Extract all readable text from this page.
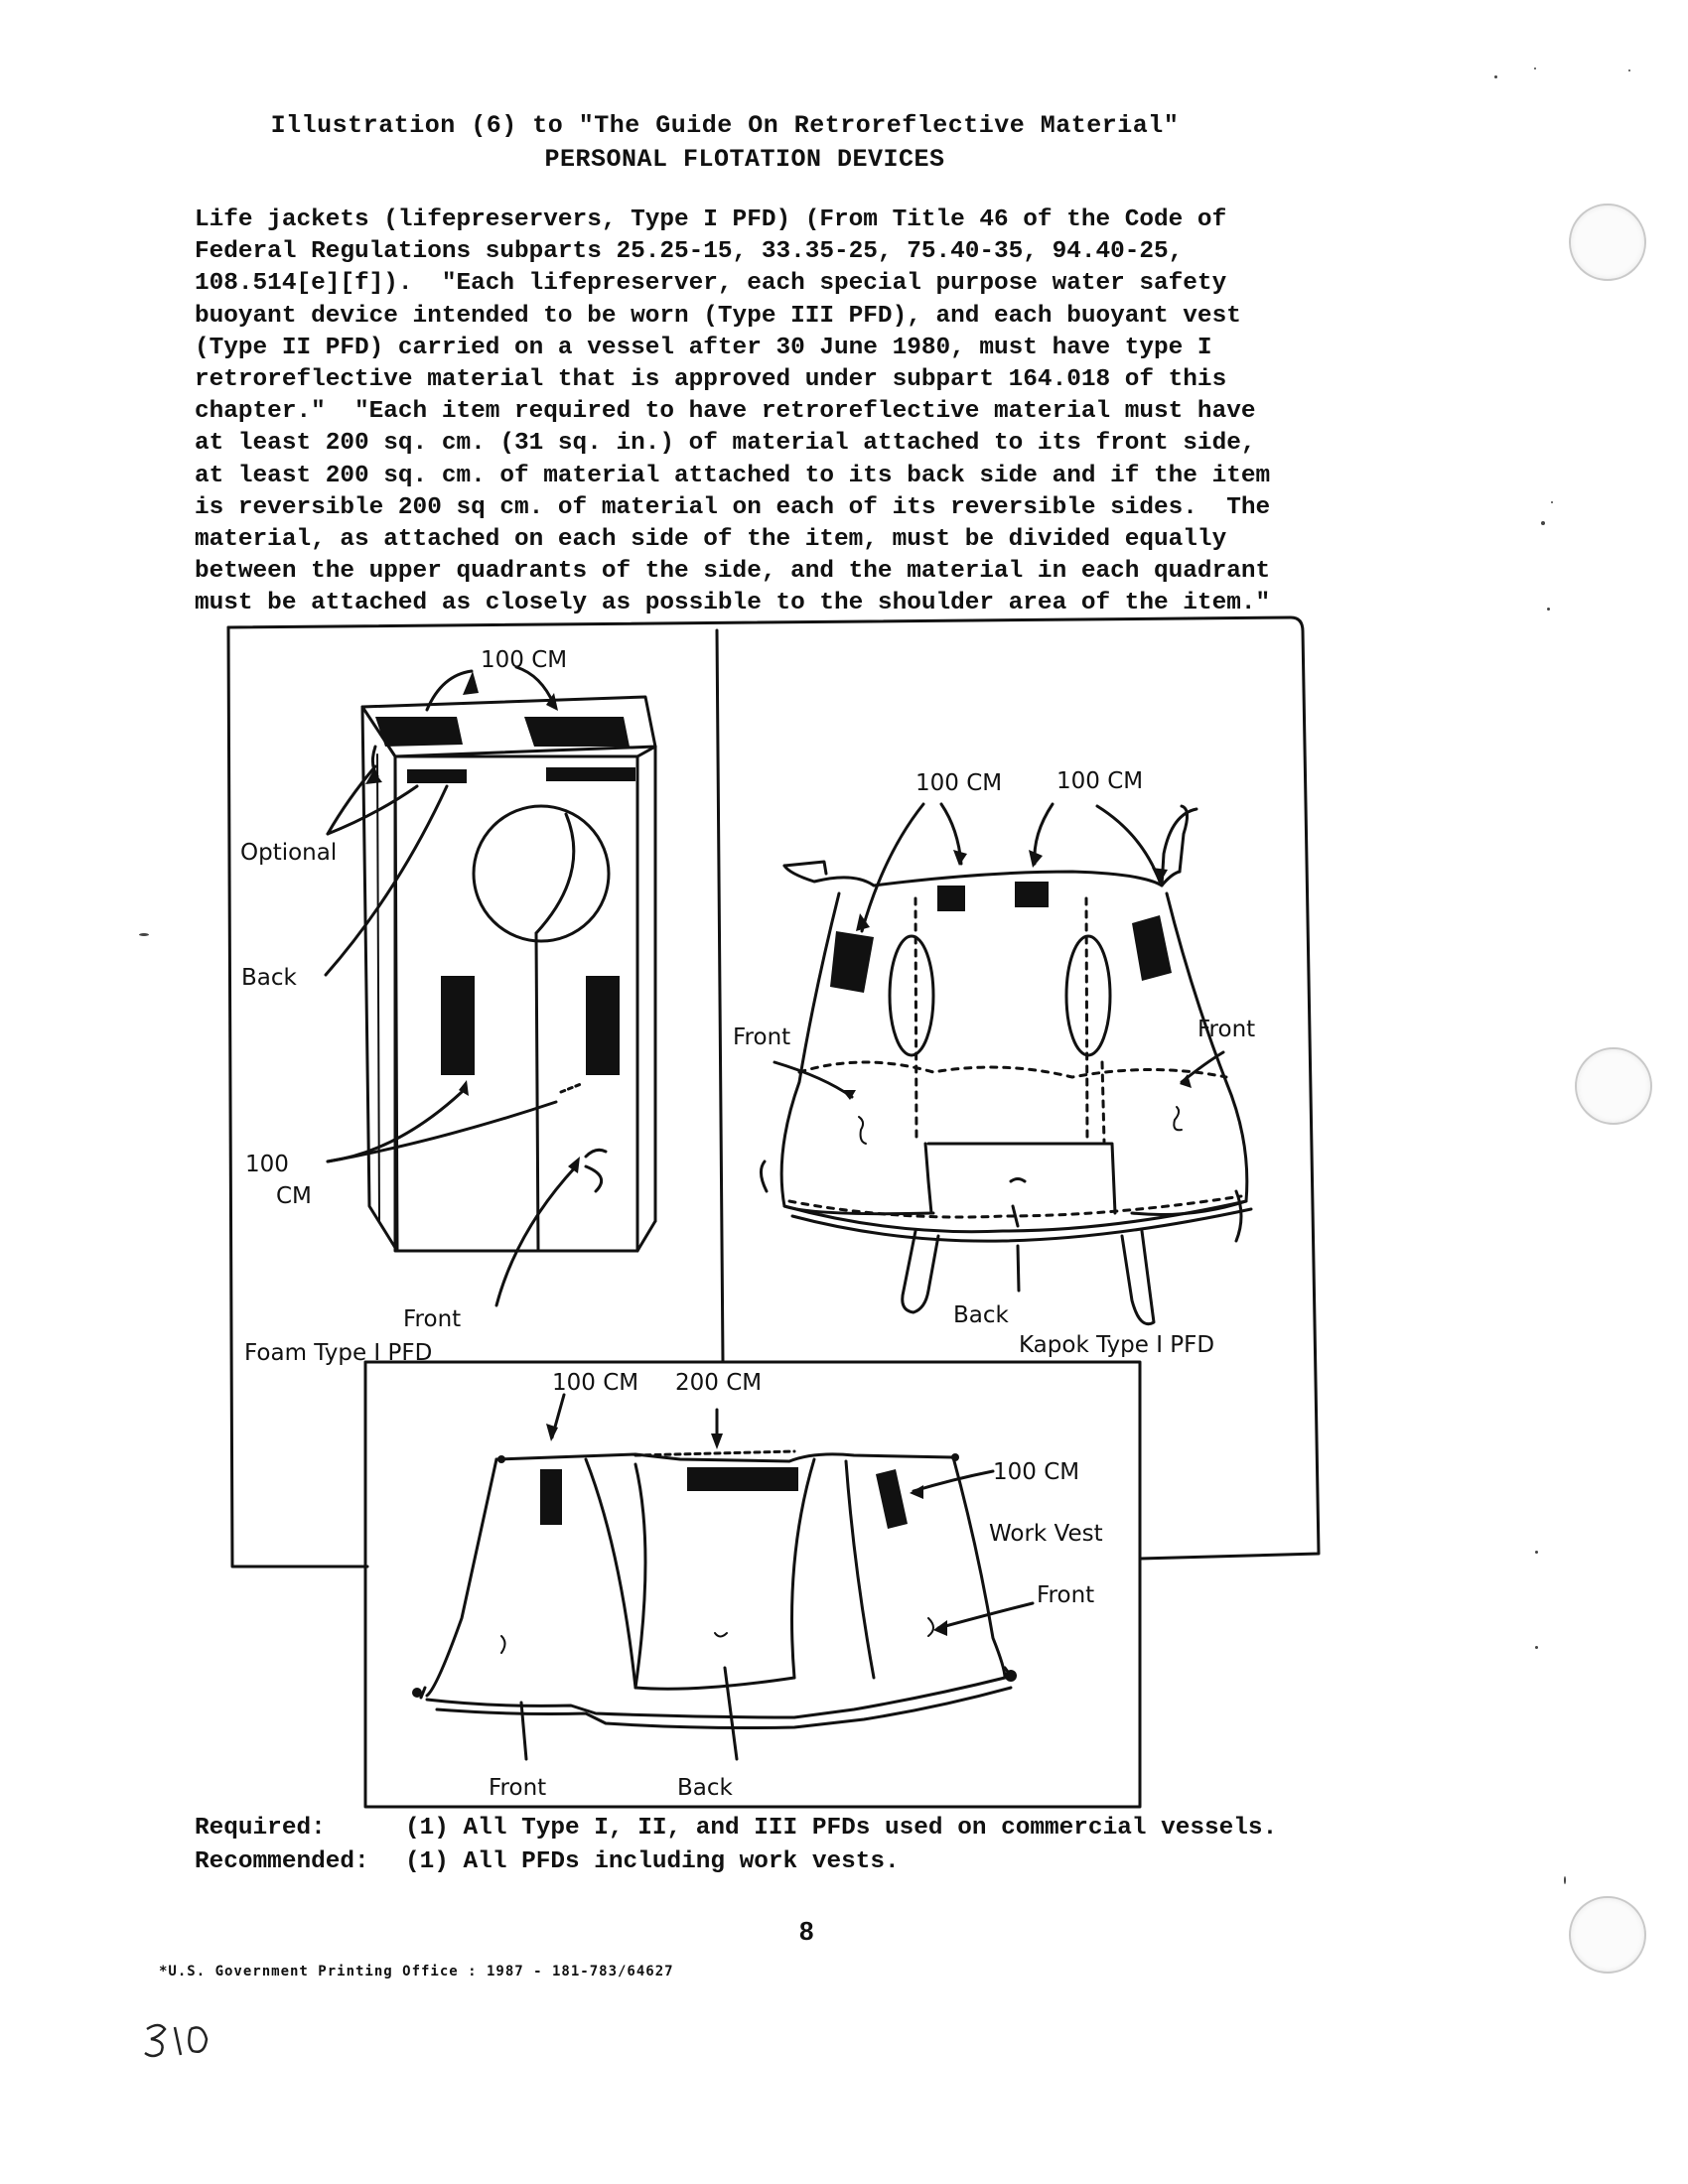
Illustration (6) to "The Guide On Retroreflective Material"
PERSONAL FLOTATION DEVICES
Life jackets (lifepreservers, Type I PFD) (From Title 46 of the Code of
Federal Regulations subparts 25.25-15, 33.35-25, 75.40-35, 94.40-25,
108.514[e][f]).  "Each lifepreserver, each special purpose water safety
buoyant device intended to be worn (Type III PFD), and each buoyant vest
(Type II PFD) carried on a vessel after 30 June 1980, must have type I
retroreflective material that is approved under subpart 164.018 of this
chapter."  "Each item required to have retroreflective material must have
at least 200 sq. cm. (31 sq. in.) of material attached to its front side,
at least 200 sq. cm. of material attached to its back side and if the item
is reversible 200 sq cm. of material on each of its reversible sides.  The
material, as attached on each side of the item, must be divided equally
between the upper quadrants of the side, and the material in each quadrant
must be attached as closely as possible to the shoulder area of the item."
100 CM
Optional
Back
100
CM
Front
Foam Type I PFD
100 CM 100 CM
Front	Front
Back
Kapok Type I PFD
100 CM 200 CM
100 CM
Work Vest
Front
Front	Back
Required:	(1) All Type I, II, and III PFDs used on commercial vessels.
Recommended: (1) All PFDs including work vests.
8
*U.S. Government Printing Office : 1987 - 181-783/64627
